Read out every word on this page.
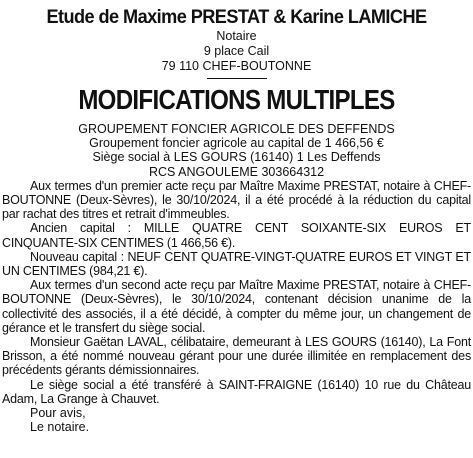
Etude de Maxime PRESTAT & Karine LAMICHE
Notaire
9 place Cail
79 110 CHEF-BOUTONNE
MODIFICATIONS MULTIPLES
GROUPEMENT FONCIER AGRICOLE DES DEFFENDS
Groupement foncier agricole au capital de 1 466,56 €
Siège social à LES GOURS (16140) 1 Les Deffends
RCS ANGOULEME 303664312

Aux termes d'un premier acte reçu par Maître Maxime PRESTAT, notaire à CHEF-BOUTONNE (Deux-Sèvres), le 30/10/2024, il a été procédé à la réduction du capital par rachat des titres et retrait d'immeubles.

Ancien capital : MILLE QUATRE CENT SOIXANTE-SIX EUROS ET CINQUANTE-SIX CENTIMES (1 466,56 €).

Nouveau capital : NEUF CENT QUATRE-VINGT-QUATRE EUROS ET VINGT ET UN CENTIMES (984,21 €).

Aux termes d'un second acte reçu par Maître Maxime PRESTAT, notaire à CHEF-BOUTONNE (Deux-Sèvres), le 30/10/2024, contenant décision unanime de la collectivité des associés, il a été décidé, à compter du même jour, un changement de gérance et le transfert du siège social.

Monsieur Gaëtan LAVAL, célibataire, demeurant à LES GOURS (16140), La Font Brisson, a été nommé nouveau gérant pour une durée illimitée en remplacement des précédents gérants démissionnaires.

Le siège social a été transféré à SAINT-FRAIGNE (16140) 10 rue du Château Adam, La Grange à Chauvet.

Pour avis,
Le notaire.
